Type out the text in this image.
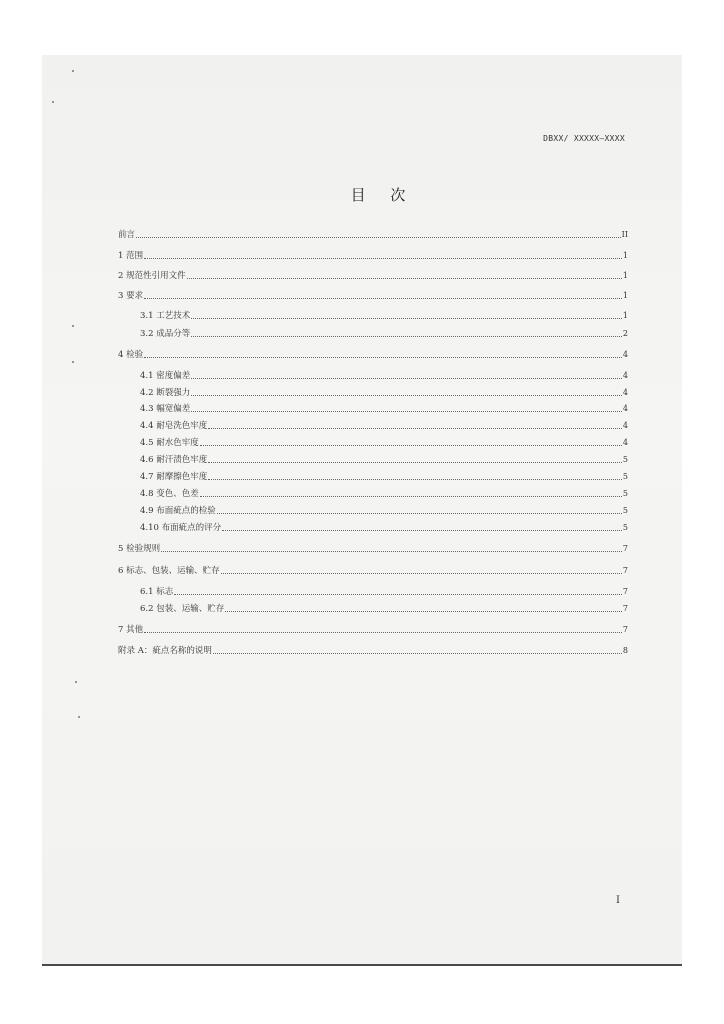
DBXX/ XXXXX—XXXX
目 次
前言	II
1 范围	1
2 规范性引用文件	1
3 要求	1
3.1 工艺技术	1
3.2 成品分等	2
4 检验	4
4.1 密度偏差	4
4.2 断裂强力	4
4.3 幅宽偏差	4
4.4 耐皂洗色牢度	4
4.5 耐水色牢度	4
4.6 耐汗渍色牢度	5
4.7 耐摩擦色牢度	5
4.8 变色、色差	5
4.9 布面疵点的检验	5
4.10 布面疵点的评分	5
5 检验规则	7
6 标志、包装、运输、贮存	7
6.1 标志	7
6.2 包装、运输、贮存	7
7 其他	7
附录 A：疵点名称的说明	8
I
